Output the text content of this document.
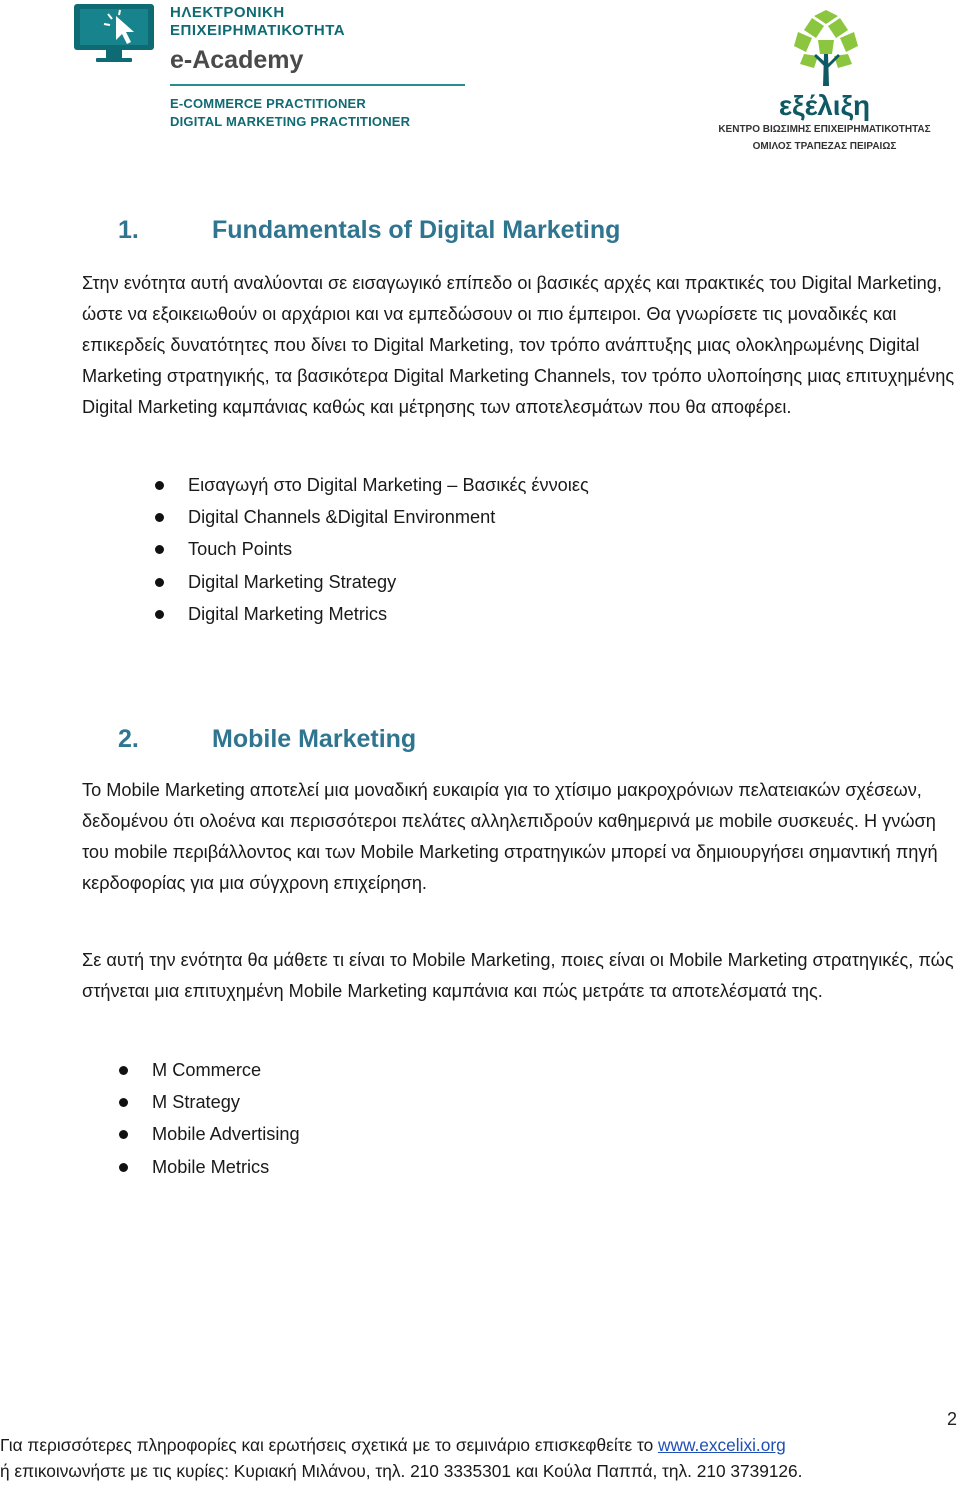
ΗΛΕΚΤΡΟΝΙΚΗ
ΕΠΙΧΕΙΡΗΜΑΤΙΚΟΤΗΤΑ
e-Academy
E-COMMERCE PRACTITIONER
DIGITAL MARKETING PRACTITIONER
εξέλιξη
ΚΕΝΤΡΟ ΒΙΩΣΙΜΗΣ ΕΠΙΧΕΙΡΗΜΑΤΙΚΟΤΗΤΑΣ
ΟΜΙΛΟΣ ΤΡΑΠΕΖΑΣ ΠΕΙΡΑΙΩΣ
1.	Fundamentals of Digital Marketing

Στην ενότητα αυτή αναλύονται σε εισαγωγικό επίπεδο οι βασικές αρχές και πρακτικές του Digital Marketing, ώστε να εξοικειωθούν οι αρχάριοι και να εμπεδώσουν οι πιο έμπειροι. Θα γνωρίσετε τις μοναδικές και επικερδείς δυνατότητες που δίνει το Digital Marketing, τον τρόπο ανάπτυξης μιας ολοκληρωμένης Digital Marketing στρατηγικής, τα βασικότερα Digital Marketing Channels, τον τρόπο υλοποίησης μιας επιτυχημένης Digital Marketing καμπάνιας καθώς και μέτρησης των αποτελεσμάτων που θα αποφέρει.

Εισαγωγή στο Digital Marketing – Βασικές έννοιες
Digital Channels &Digital Environment
Touch Points
Digital Marketing Strategy
Digital Marketing Metrics
2.	Mobile Marketing

Το Mobile Marketing αποτελεί μια μοναδική ευκαιρία για το χτίσιμο μακροχρόνιων πελατειακών σχέσεων, δεδομένου ότι ολοένα και περισσότεροι πελάτες αλληλεπιδρούν καθημερινά με mobile συσκευές. Η γνώση του mobile περιβάλλοντος και των Mobile Marketing στρατηγικών μπορεί να δημιουργήσει σημαντική πηγή κερδοφορίας για μια σύγχρονη επιχείρηση.

Σε αυτή την ενότητα θα μάθετε τι είναι το Mobile Marketing, ποιες είναι οι Mobile Marketing στρατηγικές, πώς στήνεται μια επιτυχημένη Mobile Marketing καμπάνια και πώς μετράτε τα αποτελέσματά της.

M Commerce
M Strategy
Mobile Advertising
Mobile Metrics
2
Για περισσότερες πληροφορίες και ερωτήσεις σχετικά με το σεμινάριο επισκεφθείτε το www.excelixi.org
ή επικοινωνήστε με τις κυρίες: Κυριακή Μιλάνου, τηλ. 210 3335301 και Κούλα Παππά, τηλ. 210 3739126.
